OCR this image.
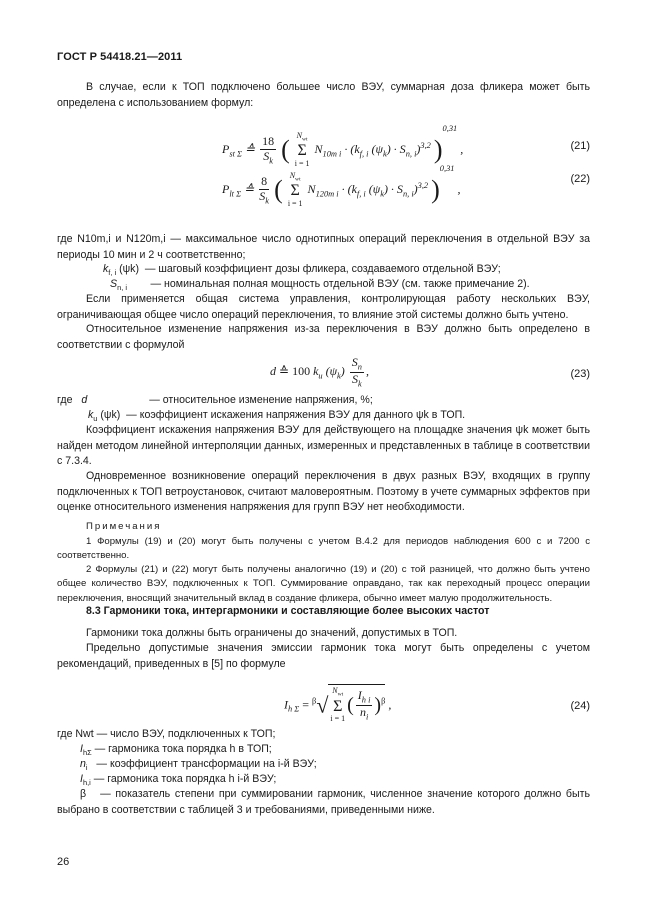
ГОСТ Р 54418.21—2011

В случае, если к ТОП подключено большее число ВЭУ, суммарная доза фликера может быть определена с использованием формул:

$P_{st \Sigma}$ ≙ $\frac{18}{S_k}$ ( $N_{wt}$
Σ
i = 1
$N_{10m i} \cdot (k_{f, i}$ $(\psi_k) \cdot S_{n, i})^{3,2}$ )$^{0,31}$ ,	(21)
$P_{lt \Sigma}$ ≙ $\frac{8}{S_k}$ ( $N_{wt}$
Σ
i = 1
$N_{120m i} \cdot (k_{f, i}$ $(\psi_k) \cdot S_{n, i})^{3,2}$ )$^{0,31}$ ,
(22)

где N10m,i и N120m,i — максимальное число однотипных операций переключения в отдельной ВЭУ за периоды 10 мин и 2 ч соответственно;

$k_{f, i}$ (ψk) — шаговый коэффициент дозы фликера, создаваемого отдельной ВЭУ;
$S_{n, i}$ — номинальная полная мощность отдельной ВЭУ (см. также примечание 2).

Если применяется общая система управления, контролирующая работу нескольких ВЭУ, ограничивающая общее число операций переключения, то влияние этой системы должно быть учтено.

Относительное изменение напряжения из-за переключения в ВЭУ должно быть определено в соответствии с формулой

d ≙ 100 $k_u$ $(\psi_k) \frac{S_n}{S_k}$ ,	(23)
где d	— относительное изменение напряжения, %;
$k_u$ (ψk) — коэффициент искажения напряжения ВЭУ для данного ψk в ТОП.

Коэффициент искажения напряжения ВЭУ для действующего на площадке значения ψk может быть найден методом линейной интерполяции данных, измеренных и представленных в таблице в соответствии с 7.3.4.

Одновременное возникновение операций переключения в двух разных ВЭУ, входящих в группу подключенных к ТОП ветроустановок, считают маловероятным. Поэтому в учете суммарных эффектов при оценке относительного изменения напряжения для групп ВЭУ нет необходимости.

Примечания

1 Формулы (19) и (20) могут быть получены с учетом В.4.2 для периодов наблюдения 600 с и 7200 с соответственно.

2 Формулы (21) и (22) могут быть получены аналогично (19) и (20) с той разницей, что должно быть учтено общее количество ВЭУ, подключенных к ТОП. Суммирование оправдано, так как переходный процесс операции переключения, вносящий значительный вклад в создание фликера, обычно имеет малую продолжительность.

8.3 Гармоники тока, интергармоники и составляющие более высоких частот

Гармоники тока должны быть ограничены до значений, допустимых в ТОП.

Предельно допустимые значения эмиссии гармоник тока могут быть определены с учетом рекомендаций, приведенных в [5] по формуле

$I_{h \Sigma} = ^\beta√$
$N_{wt}$
Σ
i = 1
( $\frac{I_{h i}}{n_i} )^\beta$ ,	(24)
где Nwt — число ВЭУ, подключенных к ТОП;
$I_{h\Sigma}$ — гармоника тока порядка h в ТОП;
$n_i$ — коэффициент трансформации на i-й ВЭУ;
$I_{h,i}$ — гармоника тока порядка h i-й ВЭУ;
β — показатель степени при суммировании гармоник, численное значение которого должно быть выбрано в соответствии с таблицей 3 и требованиями, приведенными ниже.
26
